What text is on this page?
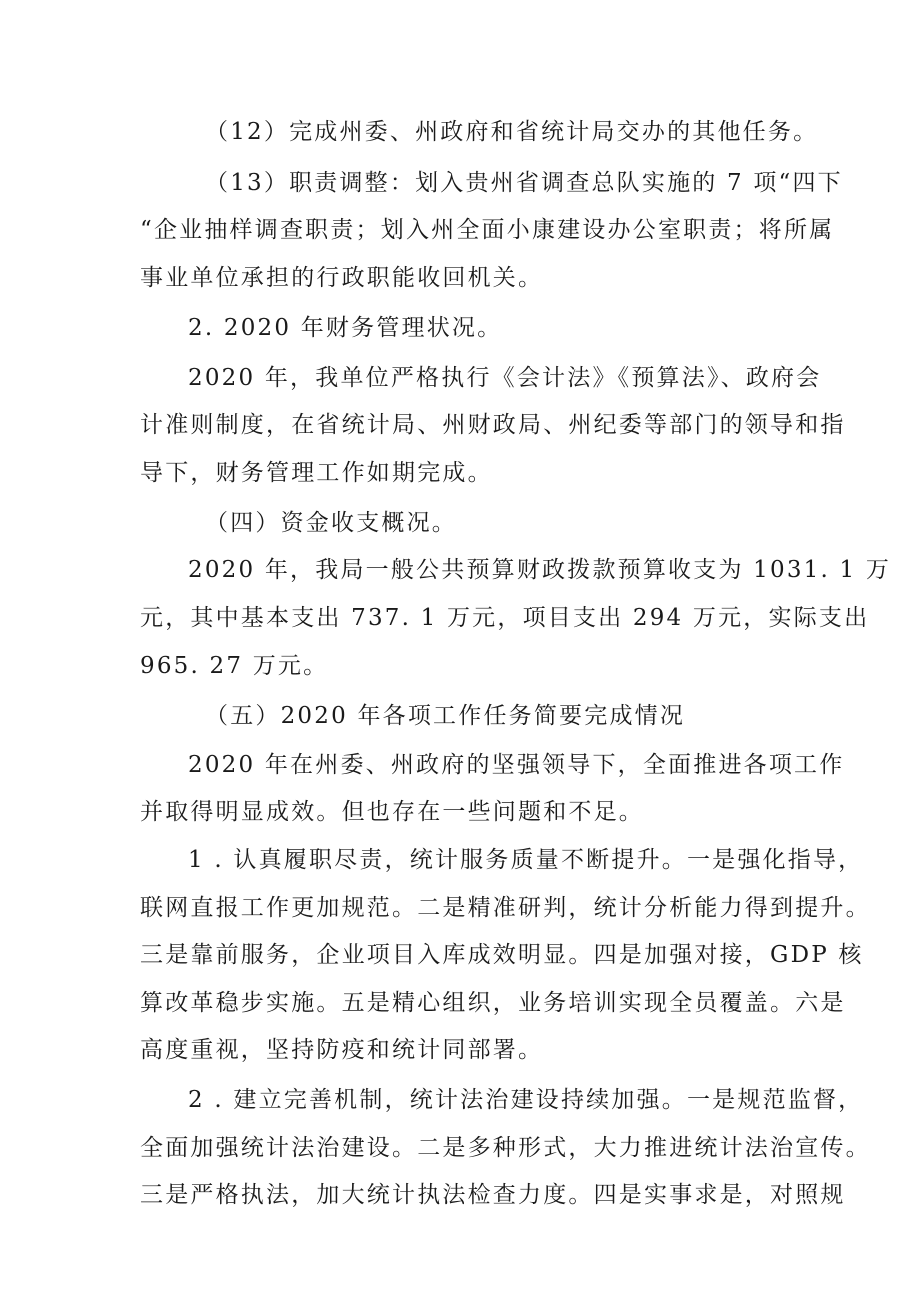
（12）完成州委、州政府和省统计局交办的其他任务。
（13）职责调整：划入贵州省调查总队实施的 7 项“四下
“企业抽样调查职责；划入州全面小康建设办公室职责；将所属
事业单位承担的行政职能收回机关。
2. 2020 年财务管理状况。
2020 年，我单位严格执行《会计法》《预算法》、政府会
计准则制度，在省统计局、州财政局、州纪委等部门的领导和指
导下，财务管理工作如期完成。
（四）资金收支概况。
2020 年，我局一般公共预算财政拨款预算收支为 1031. 1 万
元，其中基本支出 737. 1 万元，项目支出 294 万元，实际支出
965. 27 万元。
（五）2020 年各项工作任务简要完成情况
2020 年在州委、州政府的坚强领导下，全面推进各项工作
并取得明显成效。但也存在一些问题和不足。
1 . 认真履职尽责，统计服务质量不断提升。一是强化指导，
联网直报工作更加规范。二是精准研判，统计分析能力得到提升。
三是靠前服务，企业项目入库成效明显。四是加强对接，GDP 核
算改革稳步实施。五是精心组织，业务培训实现全员覆盖。六是
高度重视，坚持防疫和统计同部署。
2 . 建立完善机制，统计法治建设持续加强。一是规范监督，
全面加强统计法治建设。二是多种形式，大力推进统计法治宣传。
三是严格执法，加大统计执法检查力度。四是实事求是，对照规
